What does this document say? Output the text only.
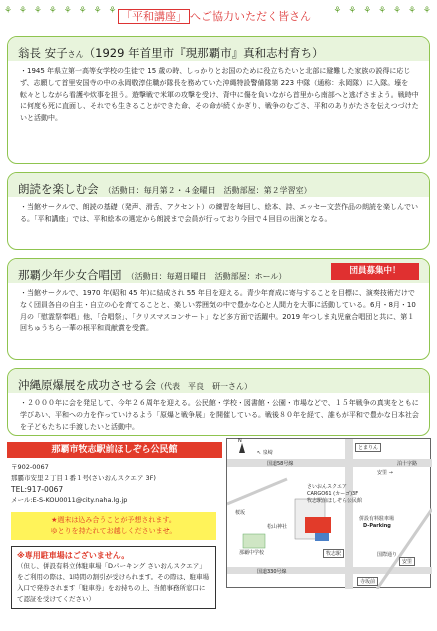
⚘ ⚘ ⚘ ⚘ ⚘ ⚘ ⚘ ⚘ 「平和講座」 へご協力いただく皆さん ⚘ ⚘ ⚘ ⚘ ⚘ ⚘ ⚘
翁長 安子さん（1929 年首里市『現那覇市』真和志村育ち）
・1945 年県立第一高等女学校の生徒で 15 歳の時、しっかりとお国のために役立ちたいと北部に避難した家族の説得に応じず、志願して首里安国寺の中の永岡敬淳住職が隊長を務めていた沖縄特設警備隊第 223 中隊（通称：永岡隊）に入隊。壕を転々としながら看護や炊事を担う。遊撃戦で米軍の攻撃を受け、背中に傷を負いながら首里から南部へと逃げさまよう。戦時中に何度も死に直面し、それでも生きることができた命、その命が続くかぎり、戦争のむごさ、平和のありがたさを伝えつづけたいと活動中。
朗読を楽しむ会 （活動日：毎月第２・４金曜日　活動部屋：第２学習室）
・当館サークルで、朗読の基礎（発声、滑舌、アクセント）の練習を毎回し、絵本、詩、エッセー文芸作品の朗読を楽しんでいる。「平和講座」では、平和絵本の選定から朗読まで会員が行っており今回で４回目の出演となる。
那覇少年少女合唱団 （活動日：毎週日曜日　活動部屋：ホール）
団員募集中！
・当館サークルで、1970 年(昭和 45 年)に結成され 55 年目を迎える。青少年育成に寄与することを目標に、演奏技術だけでなく団員各自の自主・自立の心を育てることと、楽しい雰囲気の中で豊かな心と人間力を大事に活動している。6月・8月・10 月の「慰霊祭奉唱」他、「合唱祭」、「クリスマスコンサート」など多方面で活躍中。2019 年つしま丸児童合唱団と共に、第１回ちゅうちら一華の根平和貢献賞を受賞。
沖縄原爆展を成功させる会（代表　平良　研一さん）
・２０００年に会を発足して、今年２６周年を迎える。公民館・学校・図書館・公園・市場などで、１５年戦争の真実をともに学びあい、平和への力を作っていけるよう「原爆と戦争展」を開催している。戦後８０年を経て、誰もが平和で豊かな日本社会を子どもたちに手渡したいと活動中。
那覇市牧志駅前ほしぞら公民館
〒902-0067
那覇市安里２丁目１番１号(さいおんスクエア 3F)
TEL:917-0067
メール:E-S-KOU0011@city.naha.lg.jp
★週末は込み合うことが予想されます。
ゆとりを持たれてお越しくださいませ。
※専用駐車場はございません。
（但し、併設有料立体駐車場「Dパーキング さいおんスクエア」をご利用の際は、1時間の割引が受けられます。その際は、駐車場入口で発券されます「駐車券」をお持ちの上、当館事務所窓口にて認証を受けてください）
N
とまりん
↖ 泉崎
国道58号線
安里 →
泊十字路
さいおんスクエア
CARGO61 (カーゴ)3F
牧志駅前ほしぞら公民館
併設有料駐車場
D-Parking
桜坂
松山神社
那覇中学校	国際通り
国道330号線
牧志駅
安里
寺坂前
